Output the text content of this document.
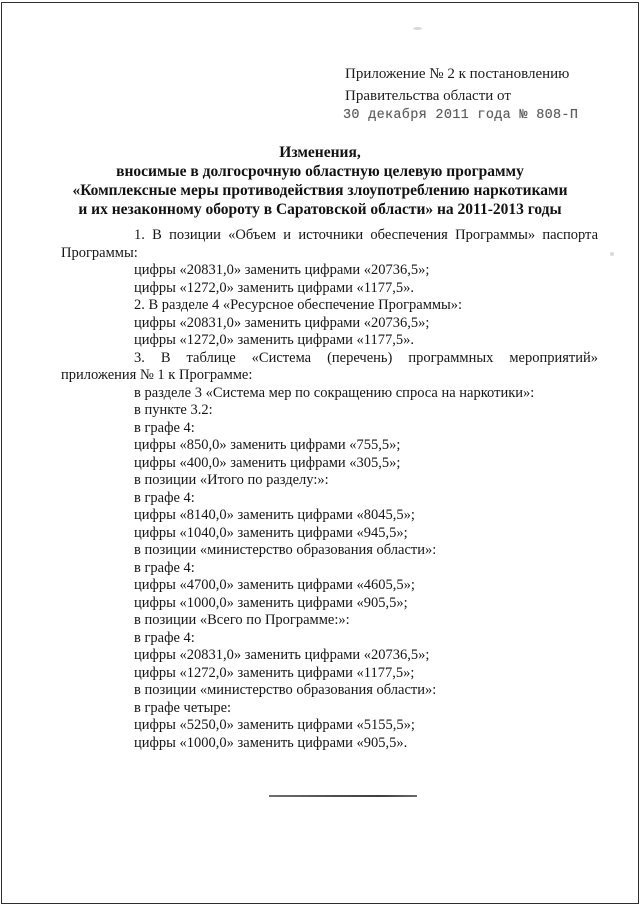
Приложение № 2 к постановлению
Правительства области от
30 декабря 2011 года № 808-П
Изменения,
вносимые в долгосрочную областную целевую программу
«Комплексные меры противодействия злоупотреблению наркотиками
и их незаконному обороту в Саратовской области» на 2011-2013 годы
1. В позиции «Объем и источники обеспечения Программы» паспорта
Программы:
цифры «20831,0» заменить цифрами «20736,5»;
цифры «1272,0» заменить цифрами «1177,5».
2. В разделе 4 «Ресурсное обеспечение Программы»:
цифры «20831,0» заменить цифрами «20736,5»;
цифры «1272,0» заменить цифрами «1177,5».
3. В таблице «Система (перечень) программных мероприятий»
приложения № 1 к Программе:
в разделе 3 «Система мер по сокращению спроса на наркотики»:
в пункте 3.2:
в графе 4:
цифры «850,0» заменить цифрами «755,5»;
цифры «400,0» заменить цифрами «305,5»;
в позиции «Итого по разделу:»:
в графе 4:
цифры «8140,0» заменить цифрами «8045,5»;
цифры «1040,0» заменить цифрами «945,5»;
в позиции «министерство образования области»:
в графе 4:
цифры «4700,0» заменить цифрами «4605,5»;
цифры «1000,0» заменить цифрами «905,5»;
в позиции «Всего по Программе:»:
в графе 4:
цифры «20831,0» заменить цифрами «20736,5»;
цифры «1272,0» заменить цифрами «1177,5»;
в позиции «министерство образования области»:
в графе четыре:
цифры «5250,0» заменить цифрами «5155,5»;
цифры «1000,0» заменить цифрами «905,5».
